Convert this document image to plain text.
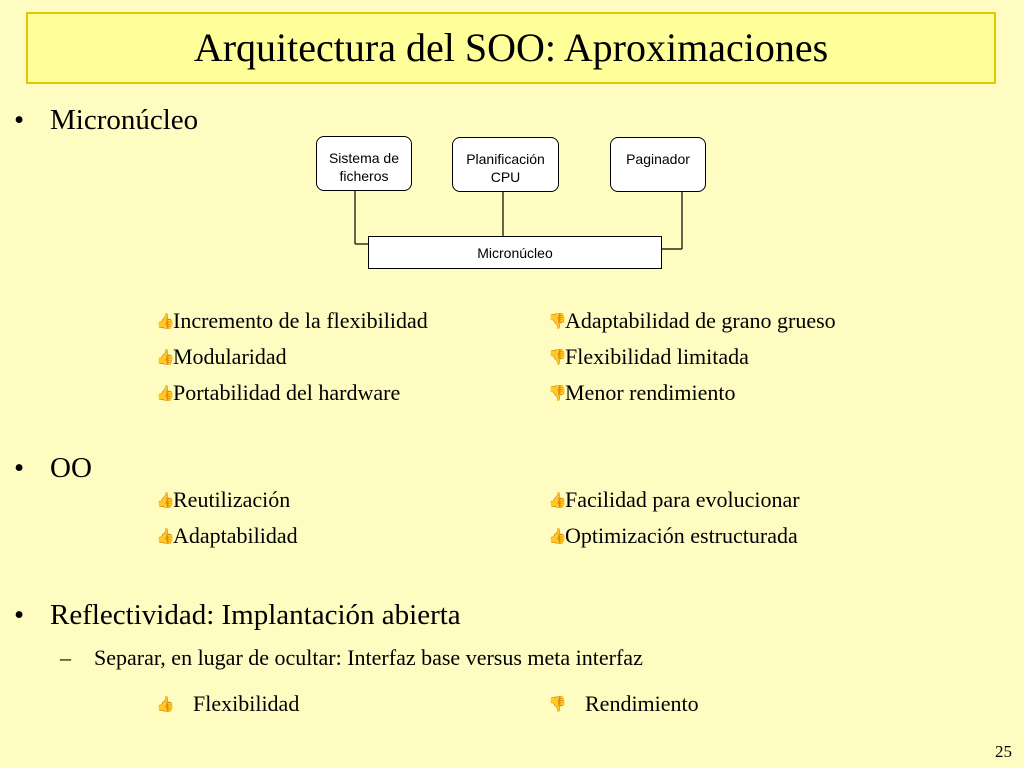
Arquitectura del SOO: Aproximaciones
• Micronúcleo
Sistema de
ficheros
Planificación
CPU
Paginador
Micronúcleo
👍
Incremento de la flexibilidad
👍
Modularidad
👍
Portabilidad del hardware
👎
Adaptabilidad de grano grueso
👎
Flexibilidad limitada
👎
Menor rendimiento
• OO
👍
Reutilización
👍
Adaptabilidad
👍
Facilidad para evolucionar
👍
Optimización estructurada
• Reflectividad: Implantación abierta
– Separar, en lugar de ocultar: Interfaz base versus meta interfaz
👍 Flexibilidad	👎 Rendimiento
25
